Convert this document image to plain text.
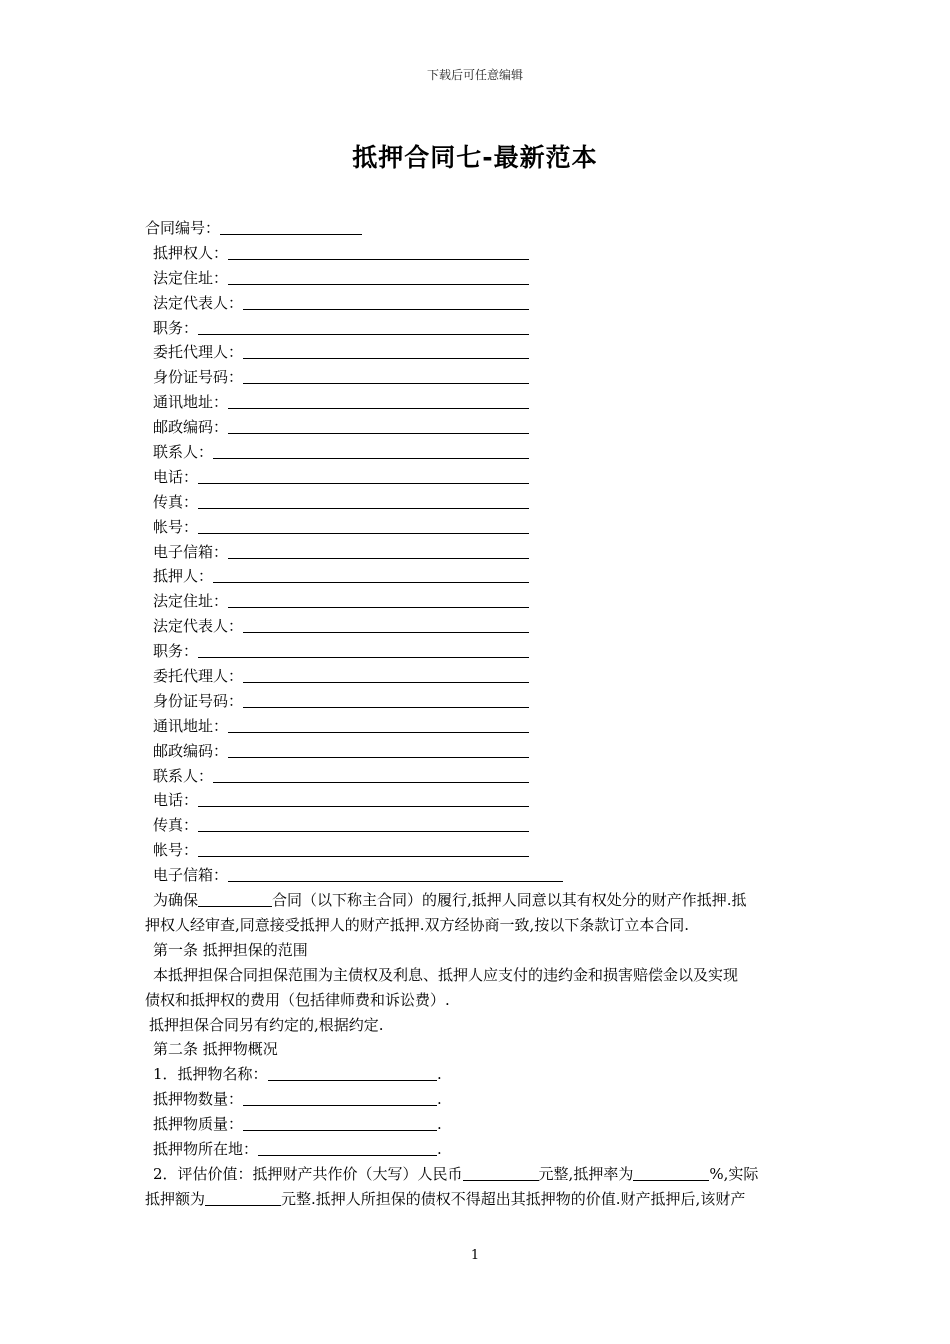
下载后可任意编辑
抵押合同七-最新范本
合同编号：
抵押权人：
法定住址：
法定代表人：
职务：
委托代理人：
身份证号码：
通讯地址：
邮政编码：
联系人：
电话：
传真：
帐号：
电子信箱：
抵押人：
法定住址：
法定代表人：
职务：
委托代理人：
身份证号码：
通讯地址：
邮政编码：
联系人：
电话：
传真：
帐号：
电子信箱：
为确保	合同（以下称主合同）的履行,抵押人同意以其有权处分的财产作抵押.抵
押权人经审查,同意接受抵押人的财产抵押.双方经协商一致,按以下条款订立本合同.
第一条 抵押担保的范围
本抵押担保合同担保范围为主债权及利息、抵押人应支付的违约金和损害赔偿金以及实现
债权和抵押权的费用（包括律师费和诉讼费）.
抵押担保合同另有约定的,根据约定.
第二条 抵押物概况
1．抵押物名称：	.
抵押物数量：	.
抵押物质量：	.
抵押物所在地：	.
2．评估价值：抵押财产共作价（大写）人民币	元整,抵押率为	%,实际
抵押额为	元整.抵押人所担保的债权不得超出其抵押物的价值.财产抵押后,该财产
1
